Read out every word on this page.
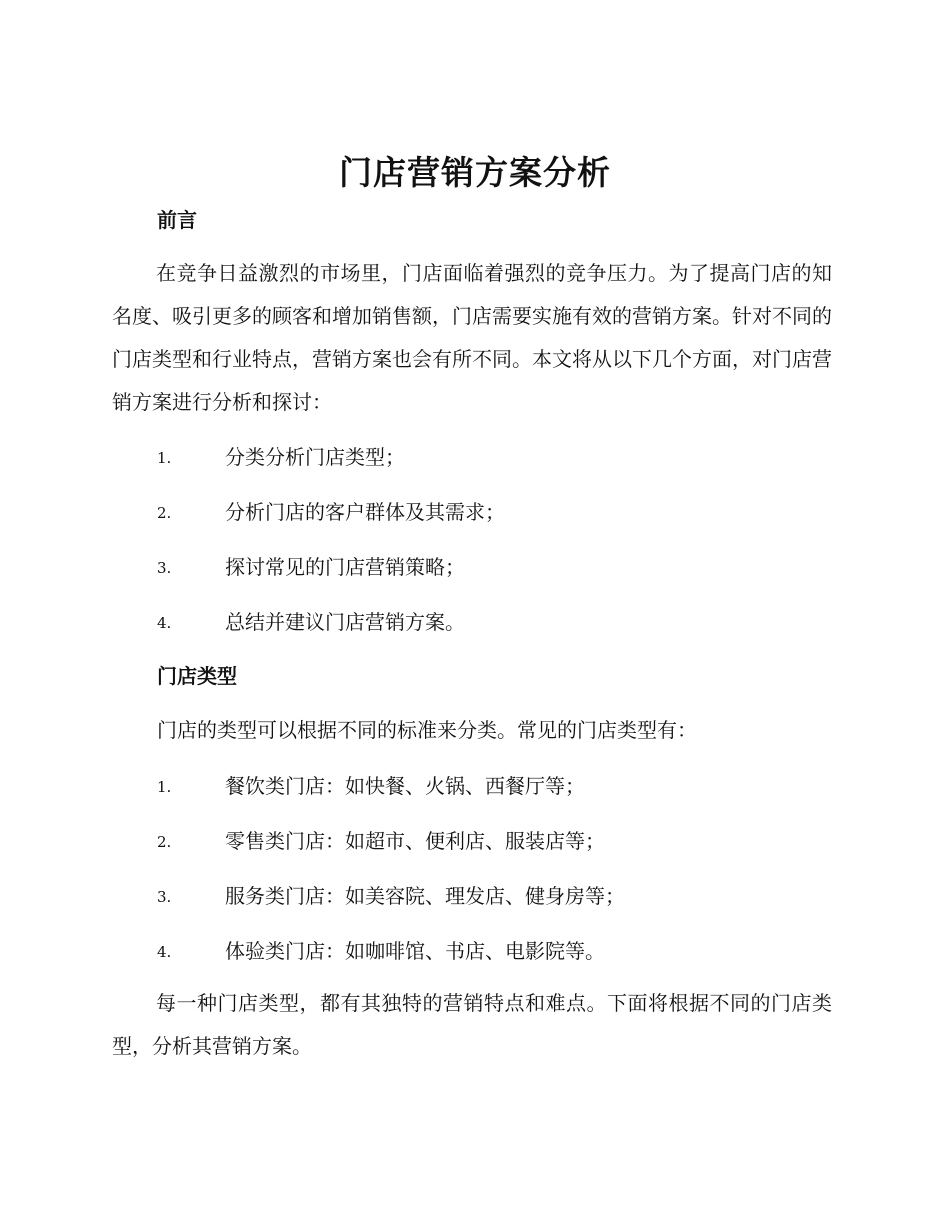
门店营销方案分析
前言

在竞争日益激烈的市场里，门店面临着强烈的竞争压力。为了提高门店的知名度、吸引更多的顾客和增加销售额，门店需要实施有效的营销方案。针对不同的门店类型和行业特点，营销方案也会有所不同。本文将从以下几个方面，对门店营销方案进行分析和探讨：

1.	分类分析门店类型；
2.	分析门店的客户群体及其需求；
3.	探讨常见的门店营销策略；
4.	总结并建议门店营销方案。
门店类型

门店的类型可以根据不同的标准来分类。常见的门店类型有：

1.	餐饮类门店：如快餐、火锅、西餐厅等；
2.	零售类门店：如超市、便利店、服装店等；
3.	服务类门店：如美容院、理发店、健身房等；
4.	体验类门店：如咖啡馆、书店、电影院等。

每一种门店类型，都有其独特的营销特点和难点。下面将根据不同的门店类型，分析其营销方案。
